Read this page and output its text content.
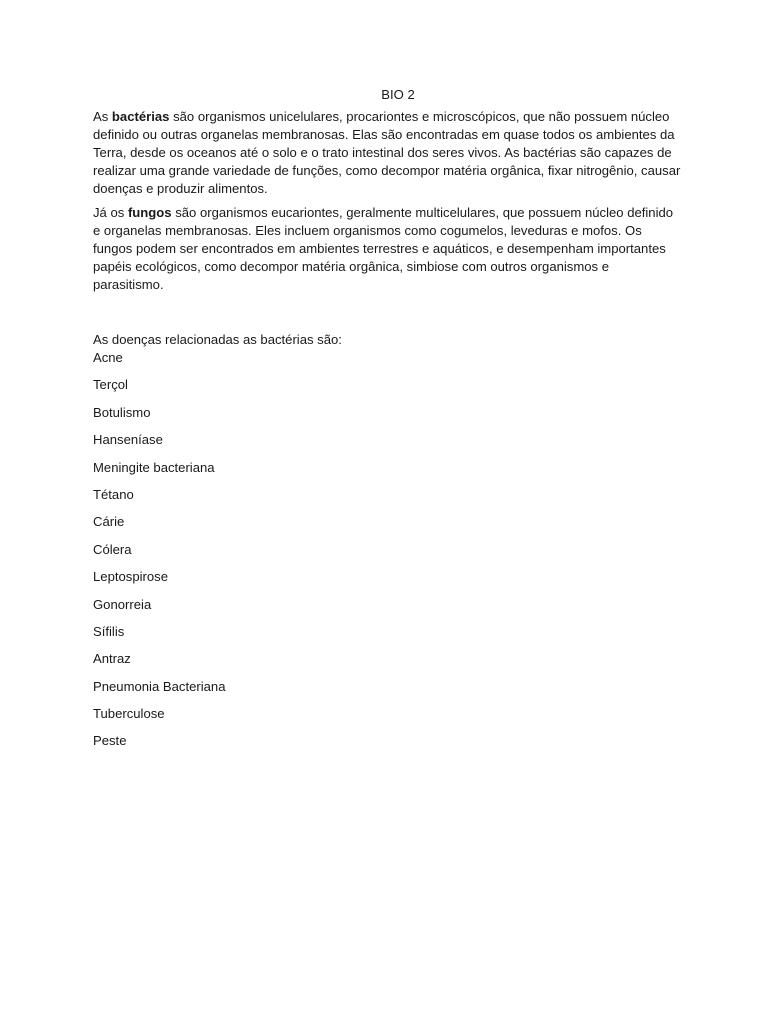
BIO 2

As bactérias são organismos unicelulares, procariontes e microscópicos, que não possuem núcleo definido ou outras organelas membranosas. Elas são encontradas em quase todos os ambientes da Terra, desde os oceanos até o solo e o trato intestinal dos seres vivos. As bactérias são capazes de realizar uma grande variedade de funções, como decompor matéria orgânica, fixar nitrogênio, causar doenças e produzir alimentos.

Já os fungos são organismos eucariontes, geralmente multicelulares, que possuem núcleo definido e organelas membranosas. Eles incluem organismos como cogumelos, leveduras e mofos. Os fungos podem ser encontrados em ambientes terrestres e aquáticos, e desempenham importantes papéis ecológicos, como decompor matéria orgânica, simbiose com outros organismos e parasitismo.

As doenças relacionadas as bactérias são:

Acne
Terçol
Botulismo
Hanseníase
Meningite bacteriana
Tétano
Cárie
Cólera
Leptospirose
Gonorreia
Sífilis
Antraz
Pneumonia Bacteriana
Tuberculose
Peste
